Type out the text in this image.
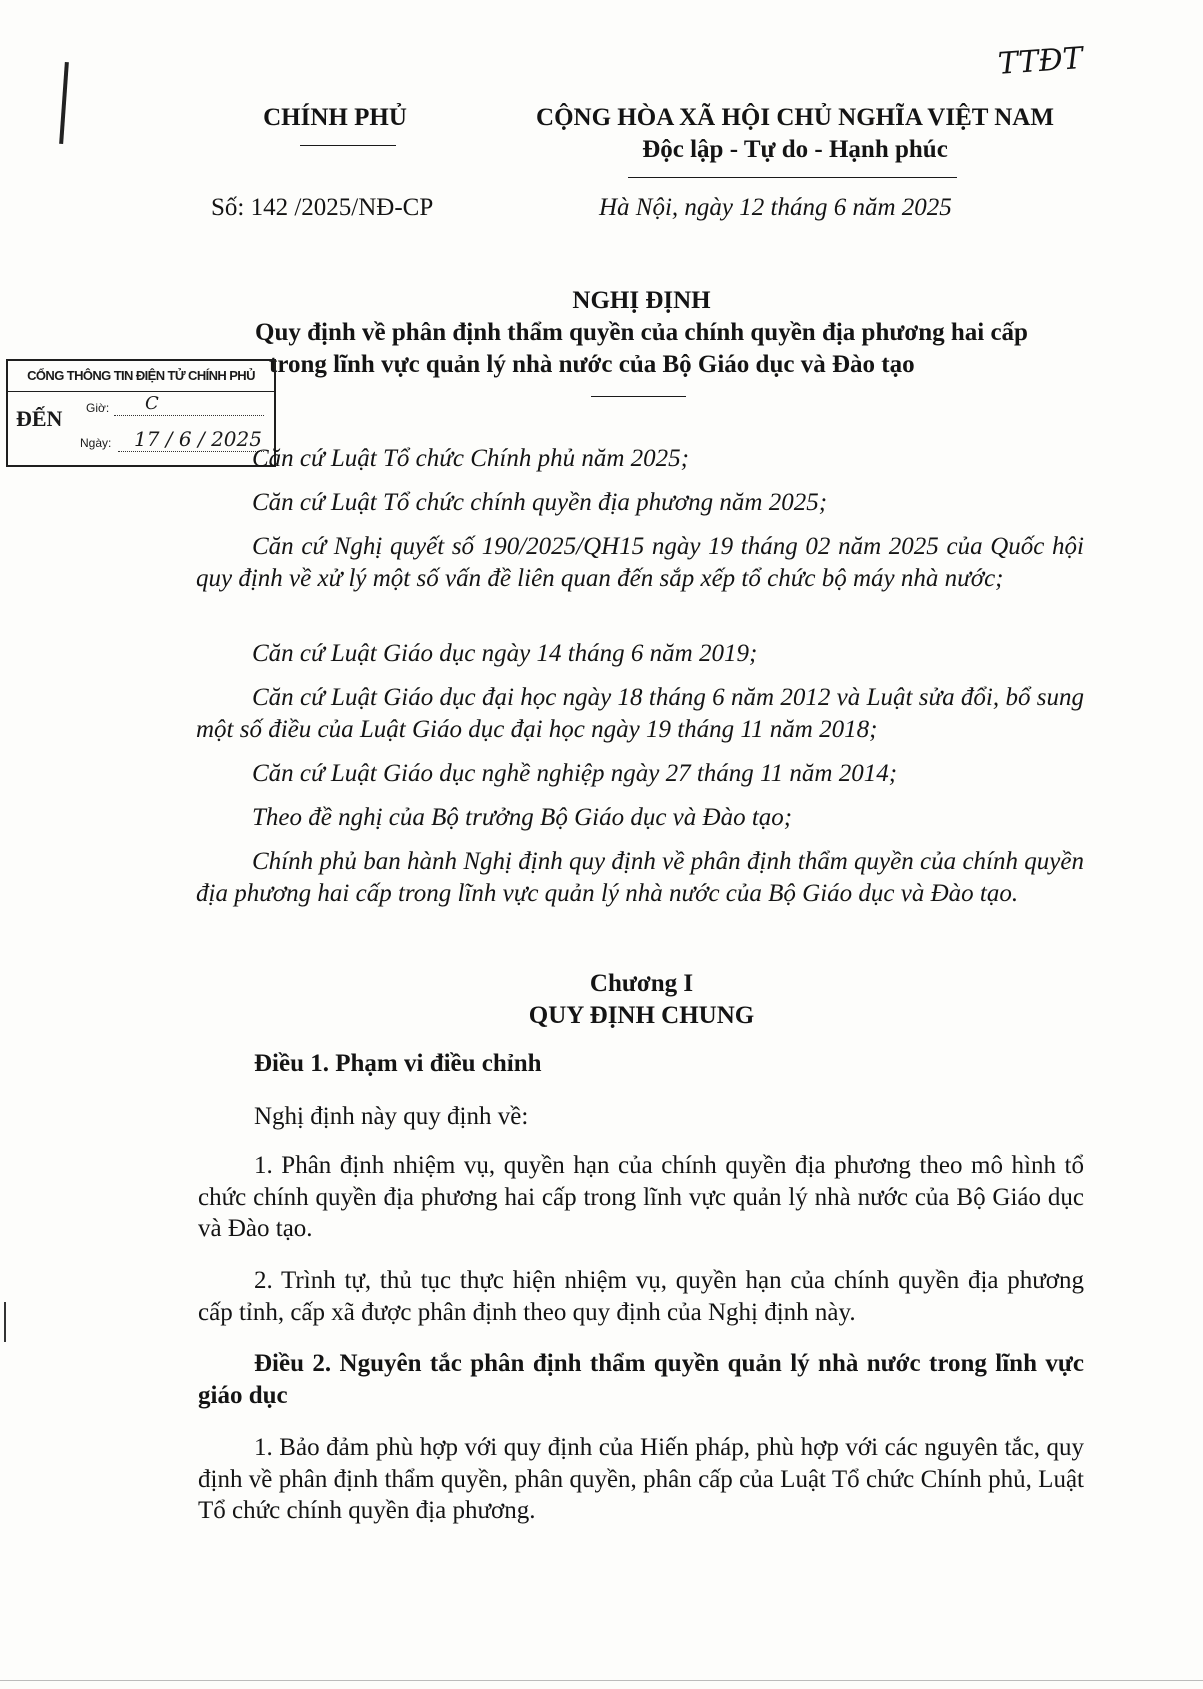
CHÍNH PHỦ	CỘNG HÒA XÃ HỘI CHỦ NGHĨA VIỆT NAM
Độc lập - Tự do - Hạnh phúc
TTĐT
Số: 142 /2025/NĐ-CP	Hà Nội, ngày 12 tháng 6 năm 2025
NGHỊ ĐỊNH
Quy định về phân định thẩm quyền của chính quyền địa phương hai cấp
trong lĩnh vực quản lý nhà nước của Bộ Giáo dục và Đào tạo
CỔNG THÔNG TIN ĐIỆN TỬ CHÍNH PHỦ
ĐẾN Giờ: C
Ngày: 17 / 6 / 2025
Căn cứ Luật Tổ chức Chính phủ năm 2025;
Căn cứ Luật Tổ chức chính quyền địa phương năm 2025;
Căn cứ Nghị quyết số 190/2025/QH15 ngày 19 tháng 02 năm 2025 của Quốc hội quy định về xử lý một số vấn đề liên quan đến sắp xếp tổ chức bộ máy nhà nước;
Căn cứ Luật Giáo dục ngày 14 tháng 6 năm 2019;
Căn cứ Luật Giáo dục đại học ngày 18 tháng 6 năm 2012 và Luật sửa đổi, bổ sung một số điều của Luật Giáo dục đại học ngày 19 tháng 11 năm 2018;
Căn cứ Luật Giáo dục nghề nghiệp ngày 27 tháng 11 năm 2014;
Theo đề nghị của Bộ trưởng Bộ Giáo dục và Đào tạo;
Chính phủ ban hành Nghị định quy định về phân định thẩm quyền của chính quyền địa phương hai cấp trong lĩnh vực quản lý nhà nước của Bộ Giáo dục và Đào tạo.
Chương I
QUY ĐỊNH CHUNG
Điều 1. Phạm vi điều chỉnh
Nghị định này quy định về:
1. Phân định nhiệm vụ, quyền hạn của chính quyền địa phương theo mô hình tổ chức chính quyền địa phương hai cấp trong lĩnh vực quản lý nhà nước của Bộ Giáo dục và Đào tạo.
2. Trình tự, thủ tục thực hiện nhiệm vụ, quyền hạn của chính quyền địa phương cấp tỉnh, cấp xã được phân định theo quy định của Nghị định này.
Điều 2. Nguyên tắc phân định thẩm quyền quản lý nhà nước trong lĩnh vực giáo dục
1. Bảo đảm phù hợp với quy định của Hiến pháp, phù hợp với các nguyên tắc, quy định về phân định thẩm quyền, phân quyền, phân cấp của Luật Tổ chức Chính phủ, Luật Tổ chức chính quyền địa phương.
